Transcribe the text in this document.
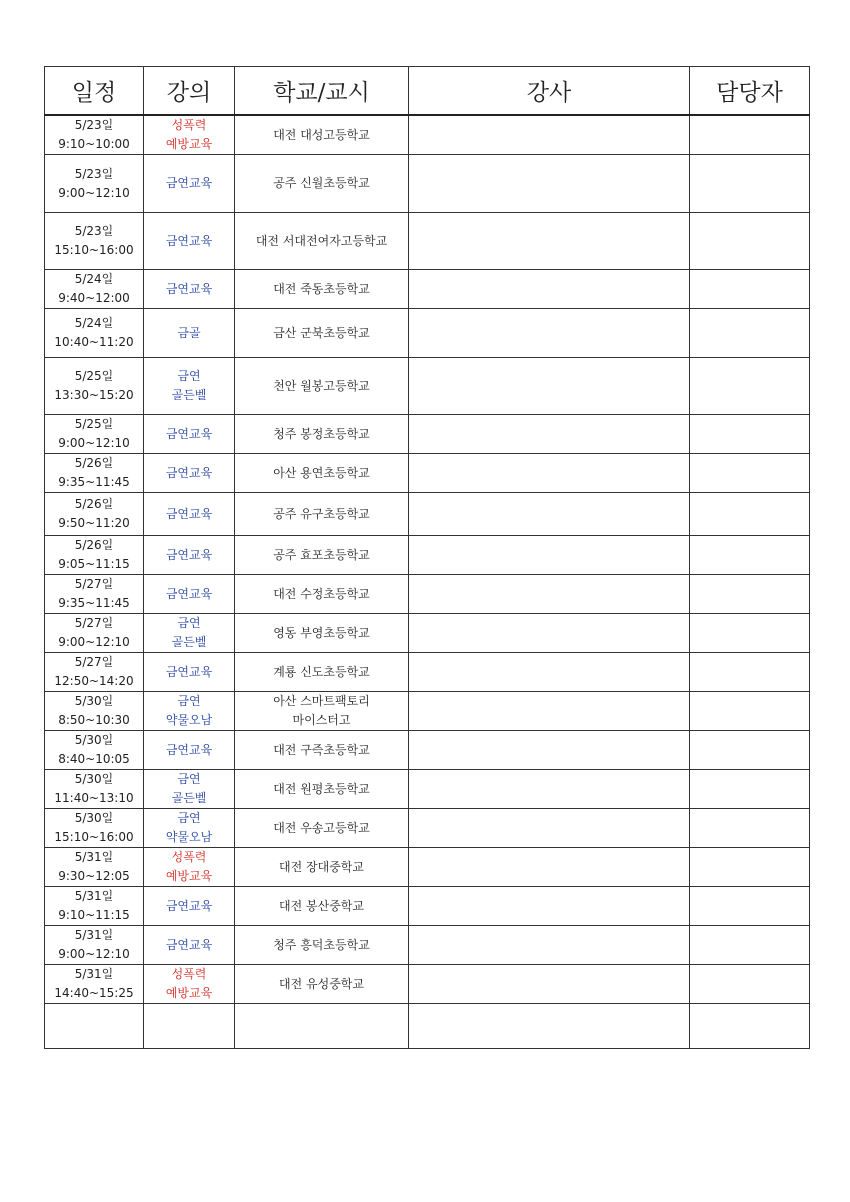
일정	강의	학교/교시	강사	담당자

5/23일
9:10~10:00	성폭력
예방교육	대전 대성고등학교		

5/23일
9:00~12:10	금연교육	공주 신월초등학교		

5/23일
15:10~16:00	금연교육	대전 서대전여자고등학교		

5/24일
9:40~12:00	금연교육	대전 죽동초등학교		

5/24일
10:40~11:20	금골	금산 군북초등학교		

5/25일
13:30~15:20	금연
골든벨	천안 월봉고등학교		

5/25일
9:00~12:10	금연교육	청주 봉정초등학교		

5/26일
9:35~11:45	금연교육	아산 용연초등학교		

5/26일
9:50~11:20	금연교육	공주 유구초등학교		

5/26일
9:05~11:15	금연교육	공주 효포초등학교		

5/27일
9:35~11:45	금연교육	대전 수정초등학교		

5/27일
9:00~12:10	금연
골든벨	영동 부영초등학교		

5/27일
12:50~14:20	금연교육	계룡 신도초등학교		

5/30일
8:50~10:30	금연
약물오남	아산 스마트팩토리
마이스터고		

5/30일
8:40~10:05	금연교육	대전 구즉초등학교		

5/30일
11:40~13:10	금연
골든벨	대전 원평초등학교		

5/30일
15:10~16:00	금연
약물오남	대전 우송고등학교		

5/31일
9:30~12:05	성폭력
예방교육	대전 장대중학교		

5/31일
9:10~11:15	금연교육	대전 봉산중학교		

5/31일
9:00~12:10	금연교육	청주 흥덕초등학교		

5/31일
14:40~15:25	성폭력
예방교육	대전 유성중학교		
